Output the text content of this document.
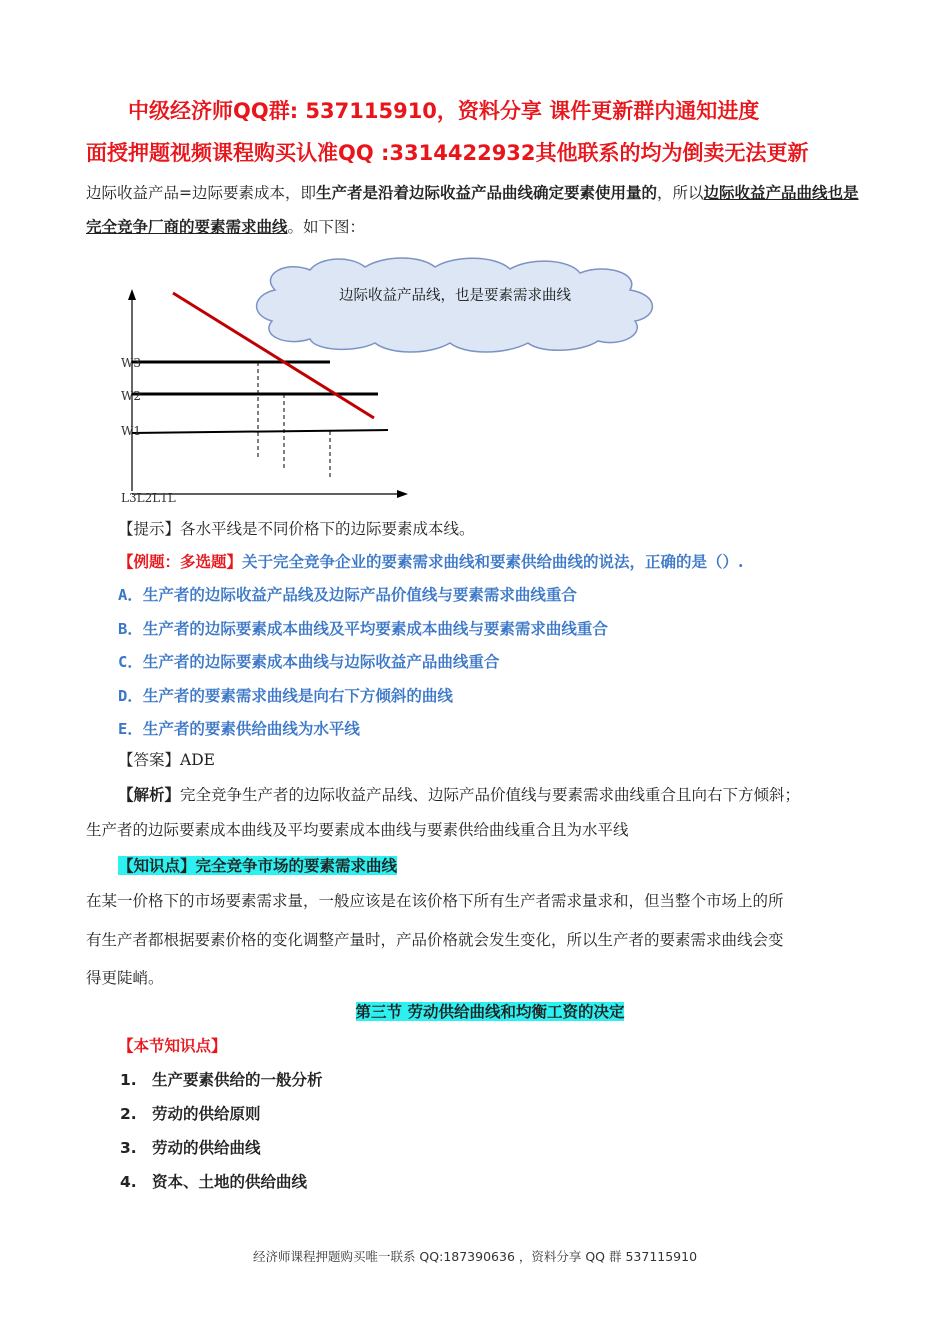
中级经济师QQ群: 537115910，资料分享 课件更新群内通知进度
面授押题视频课程购买认准QQ :3314422932其他联系的均为倒卖无法更新
边际收益产品=边际要素成本，即生产者是沿着边际收益产品曲线确定要素使用量的，所以边际收益产品曲线也是完全竞争厂商的要素需求曲线。如下图：
边际收益产品线，也是要素需求曲线
W3
W2
W1
L3L2L1L
【提示】各水平线是不同价格下的边际要素成本线。
【例题：多选题】关于完全竞争企业的要素需求曲线和要素供给曲线的说法，正确的是（）.
A．生产者的边际收益产品线及边际产品价值线与要素需求曲线重合
B．生产者的边际要素成本曲线及平均要素成本曲线与要素需求曲线重合
C．生产者的边际要素成本曲线与边际收益产品曲线重合
D．生产者的要素需求曲线是向右下方倾斜的曲线
E．生产者的要素供给曲线为水平线
【答案】ADE
【解析】完全竞争生产者的边际收益产品线、边际产品价值线与要素需求曲线重合且向右下方倾斜；
生产者的边际要素成本曲线及平均要素成本曲线与要素供给曲线重合且为水平线
【知识点】完全竞争市场的要素需求曲线
在某一价格下的市场要素需求量，一般应该是在该价格下所有生产者需求量求和，但当整个市场上的所
有生产者都根据要素价格的变化调整产量时，产品价格就会发生变化，所以生产者的要素需求曲线会变
得更陡峭。
第三节 劳动供给曲线和均衡工资的决定
【本节知识点】
1. 生产要素供给的一般分析
2. 劳动的供给原则
3. 劳动的供给曲线
4. 资本、土地的供给曲线
经济师课程押题购买唯一联系 QQ:187390636 ，资料分享 QQ 群 537115910
